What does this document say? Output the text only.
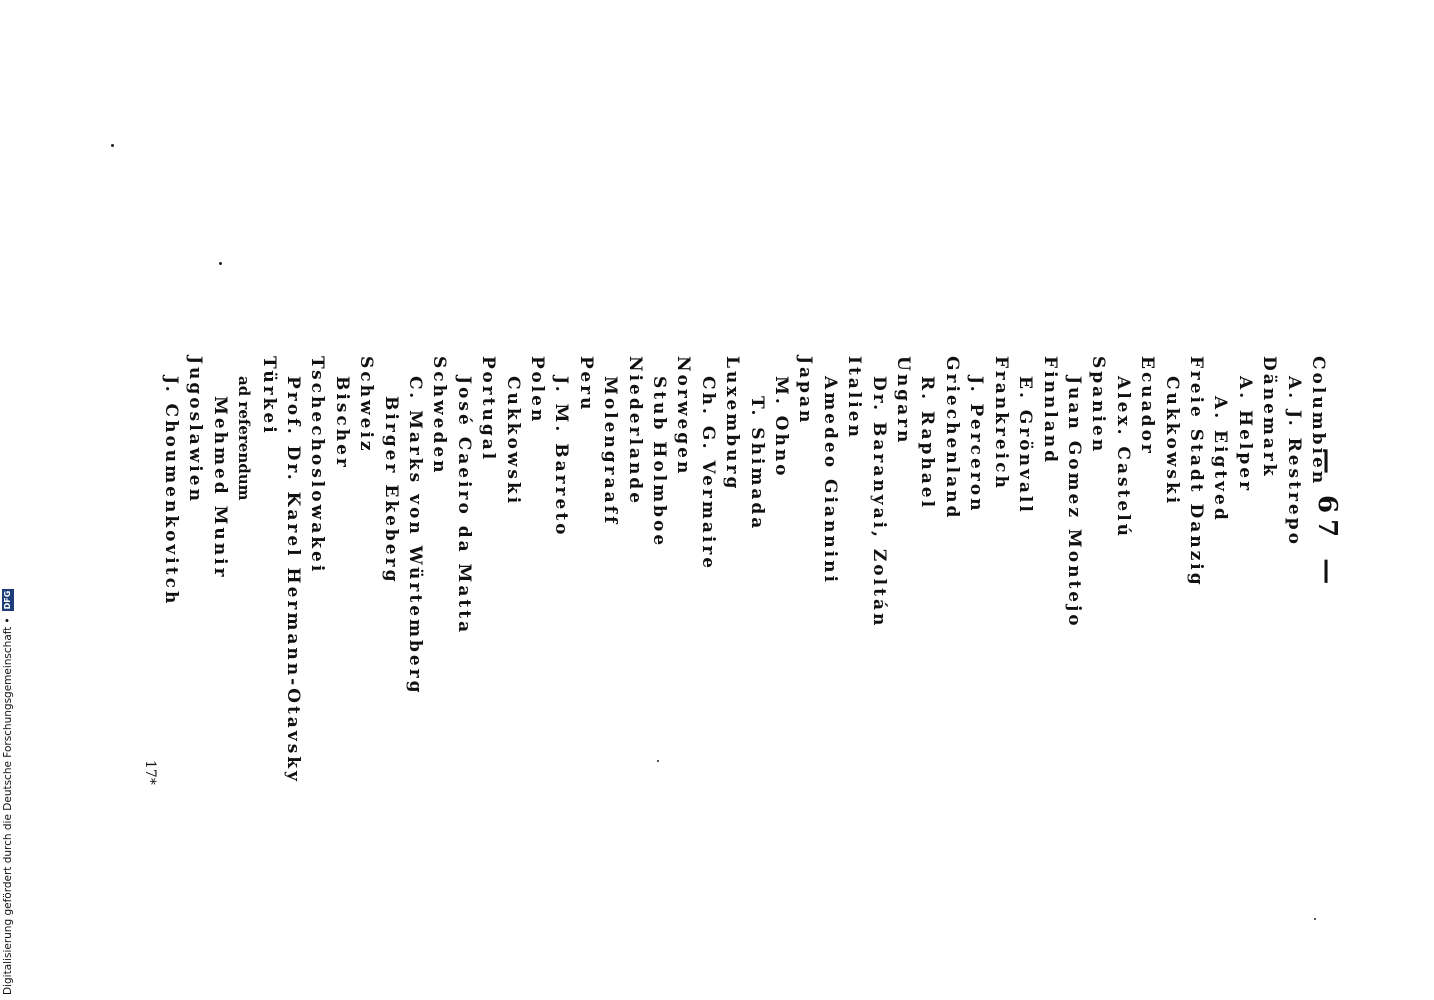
— 67 —
Columbien
A. J. Restrepo
Dänemark
A. Helper
A. Eigtved
Freie Stadt Danzig
Cukkowski
Ecuador
Alex. Castelú
Spanien
Juan Gomez Montejo
Finnland
E. Grönvall
Frankreich
J. Perceron
Griechenland
R. Raphael
Ungarn
Dr. Baranyai, Zoltán
Italien
Amedeo Giannini
Japan
M. Ohno
T. Shimada
Luxemburg
Ch. G. Vermaire
Norwegen
Stub Holmboe
Niederlande
Molengraaff
Peru
J. M. Barreto
Polen
Cukkowski
Portugal
José Caeiro da Matta
Schweden
C. Marks von Würtemberg
Birger Ekeberg
Schweiz
Bischer
Tschechoslowakei
Prof. Dr. Karel Hermann-Otavsky
Türkei
ad referendum
Mehmed Munir
Jugoslawien
J. Choumenkovitch
17*
Digitalisierung gefördert durch die Deutsche Forschungsgemeinschaft
•
DFG
